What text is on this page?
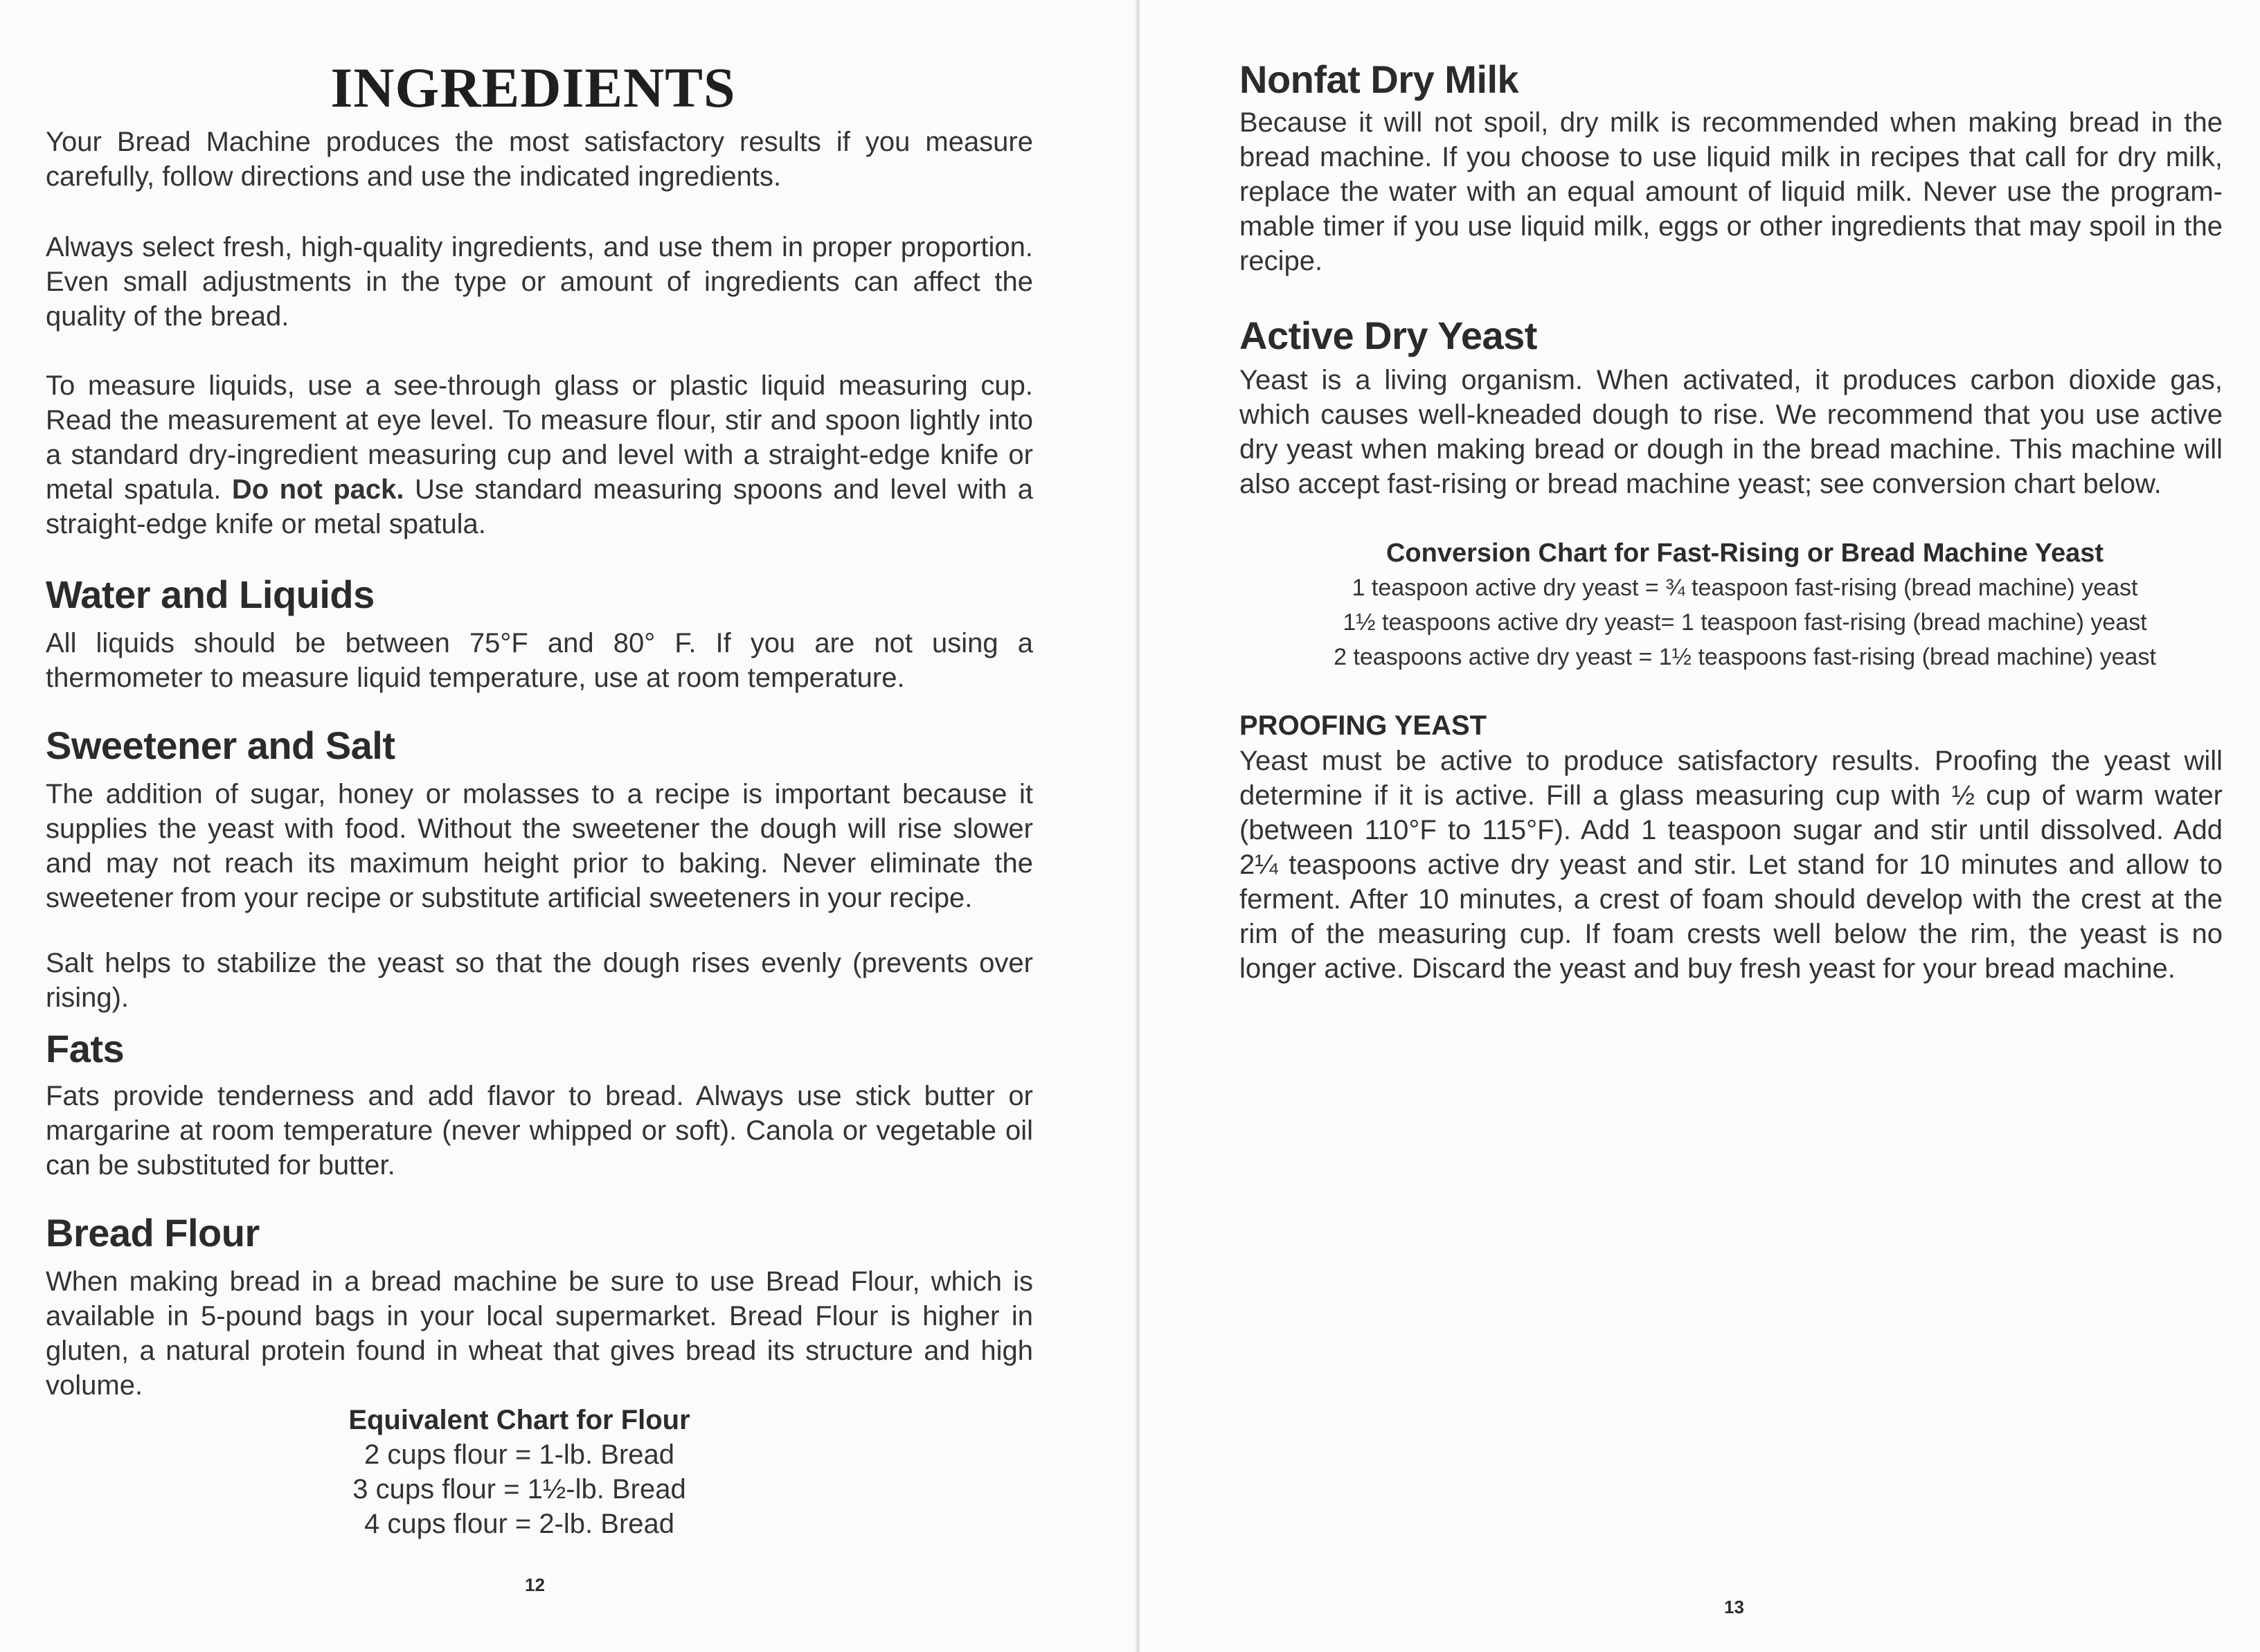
INGREDIENTS

Your Bread Machine produces the most satisfactory results if you measure carefully, follow directions and use the indicated ingredients.

Always select fresh, high-quality ingredients, and use them in proper proportion. Even small adjustments in the type or amount of ingredients can affect the quality of the bread.

To measure liquids, use a see-through glass or plastic liquid measuring cup. Read the measurement at eye level. To measure flour, stir and spoon lightly into a standard dry-ingredient measuring cup and level with a straight-edge knife or metal spatula. Do not pack. Use standard measuring spoons and level with a straight-edge knife or metal spatula.

Water and Liquids

All liquids should be between 75°F and 80° F. If you are not using a thermometer to measure liquid temperature, use at room temperature.

Sweetener and Salt

The addition of sugar, honey or molasses to a recipe is important because it supplies the yeast with food. Without the sweetener the dough will rise slower and may not reach its maximum height prior to baking. Never eliminate the sweetener from your recipe or substitute artificial sweeteners in your recipe.

Salt helps to stabilize the yeast so that the dough rises evenly (prevents over rising).

Fats

Fats provide tenderness and add flavor to bread. Always use stick butter or margarine at room temperature (never whipped or soft). Canola or vegetable oil can be substituted for butter.

Bread Flour

When making bread in a bread machine be sure to use Bread Flour, which is available in 5-pound bags in your local supermarket. Bread Flour is higher in gluten, a natural protein found in wheat that gives bread its structure and high volume.

Equivalent Chart for Flour
2 cups flour = 1-lb. Bread
3 cups flour = 1½-lb. Bread
4 cups flour = 2-lb. Bread

12

Nonfat Dry Milk

Because it will not spoil, dry milk is recommended when making bread in the bread machine. If you choose to use liquid milk in recipes that call for dry milk, replace the water with an equal amount of liquid milk. Never use the program-mable timer if you use liquid milk, eggs or other ingredients that may spoil in the recipe.

Active Dry Yeast

Yeast is a living organism. When activated, it produces carbon dioxide gas, which causes well-kneaded dough to rise. We recommend that you use active dry yeast when making bread or dough in the bread machine. This machine will also accept fast-rising or bread machine yeast; see conversion chart below.

Conversion Chart for Fast-Rising or Bread Machine Yeast
1 teaspoon active dry yeast = ¾ teaspoon fast-rising (bread machine) yeast
1½ teaspoons active dry yeast= 1 teaspoon fast-rising (bread machine) yeast
2 teaspoons active dry yeast = 1½ teaspoons fast-rising (bread machine) yeast
PROOFING YEAST

Yeast must be active to produce satisfactory results. Proofing the yeast will determine if it is active. Fill a glass measuring cup with ½ cup of warm water (between 110°F to 115°F). Add 1 teaspoon sugar and stir until dissolved. Add 2¼ teaspoons active dry yeast and stir. Let stand for 10 minutes and allow to ferment. After 10 minutes, a crest of foam should develop with the crest at the rim of the measuring cup. If foam crests well below the rim, the yeast is no longer active. Discard the yeast and buy fresh yeast for your bread machine.

13
